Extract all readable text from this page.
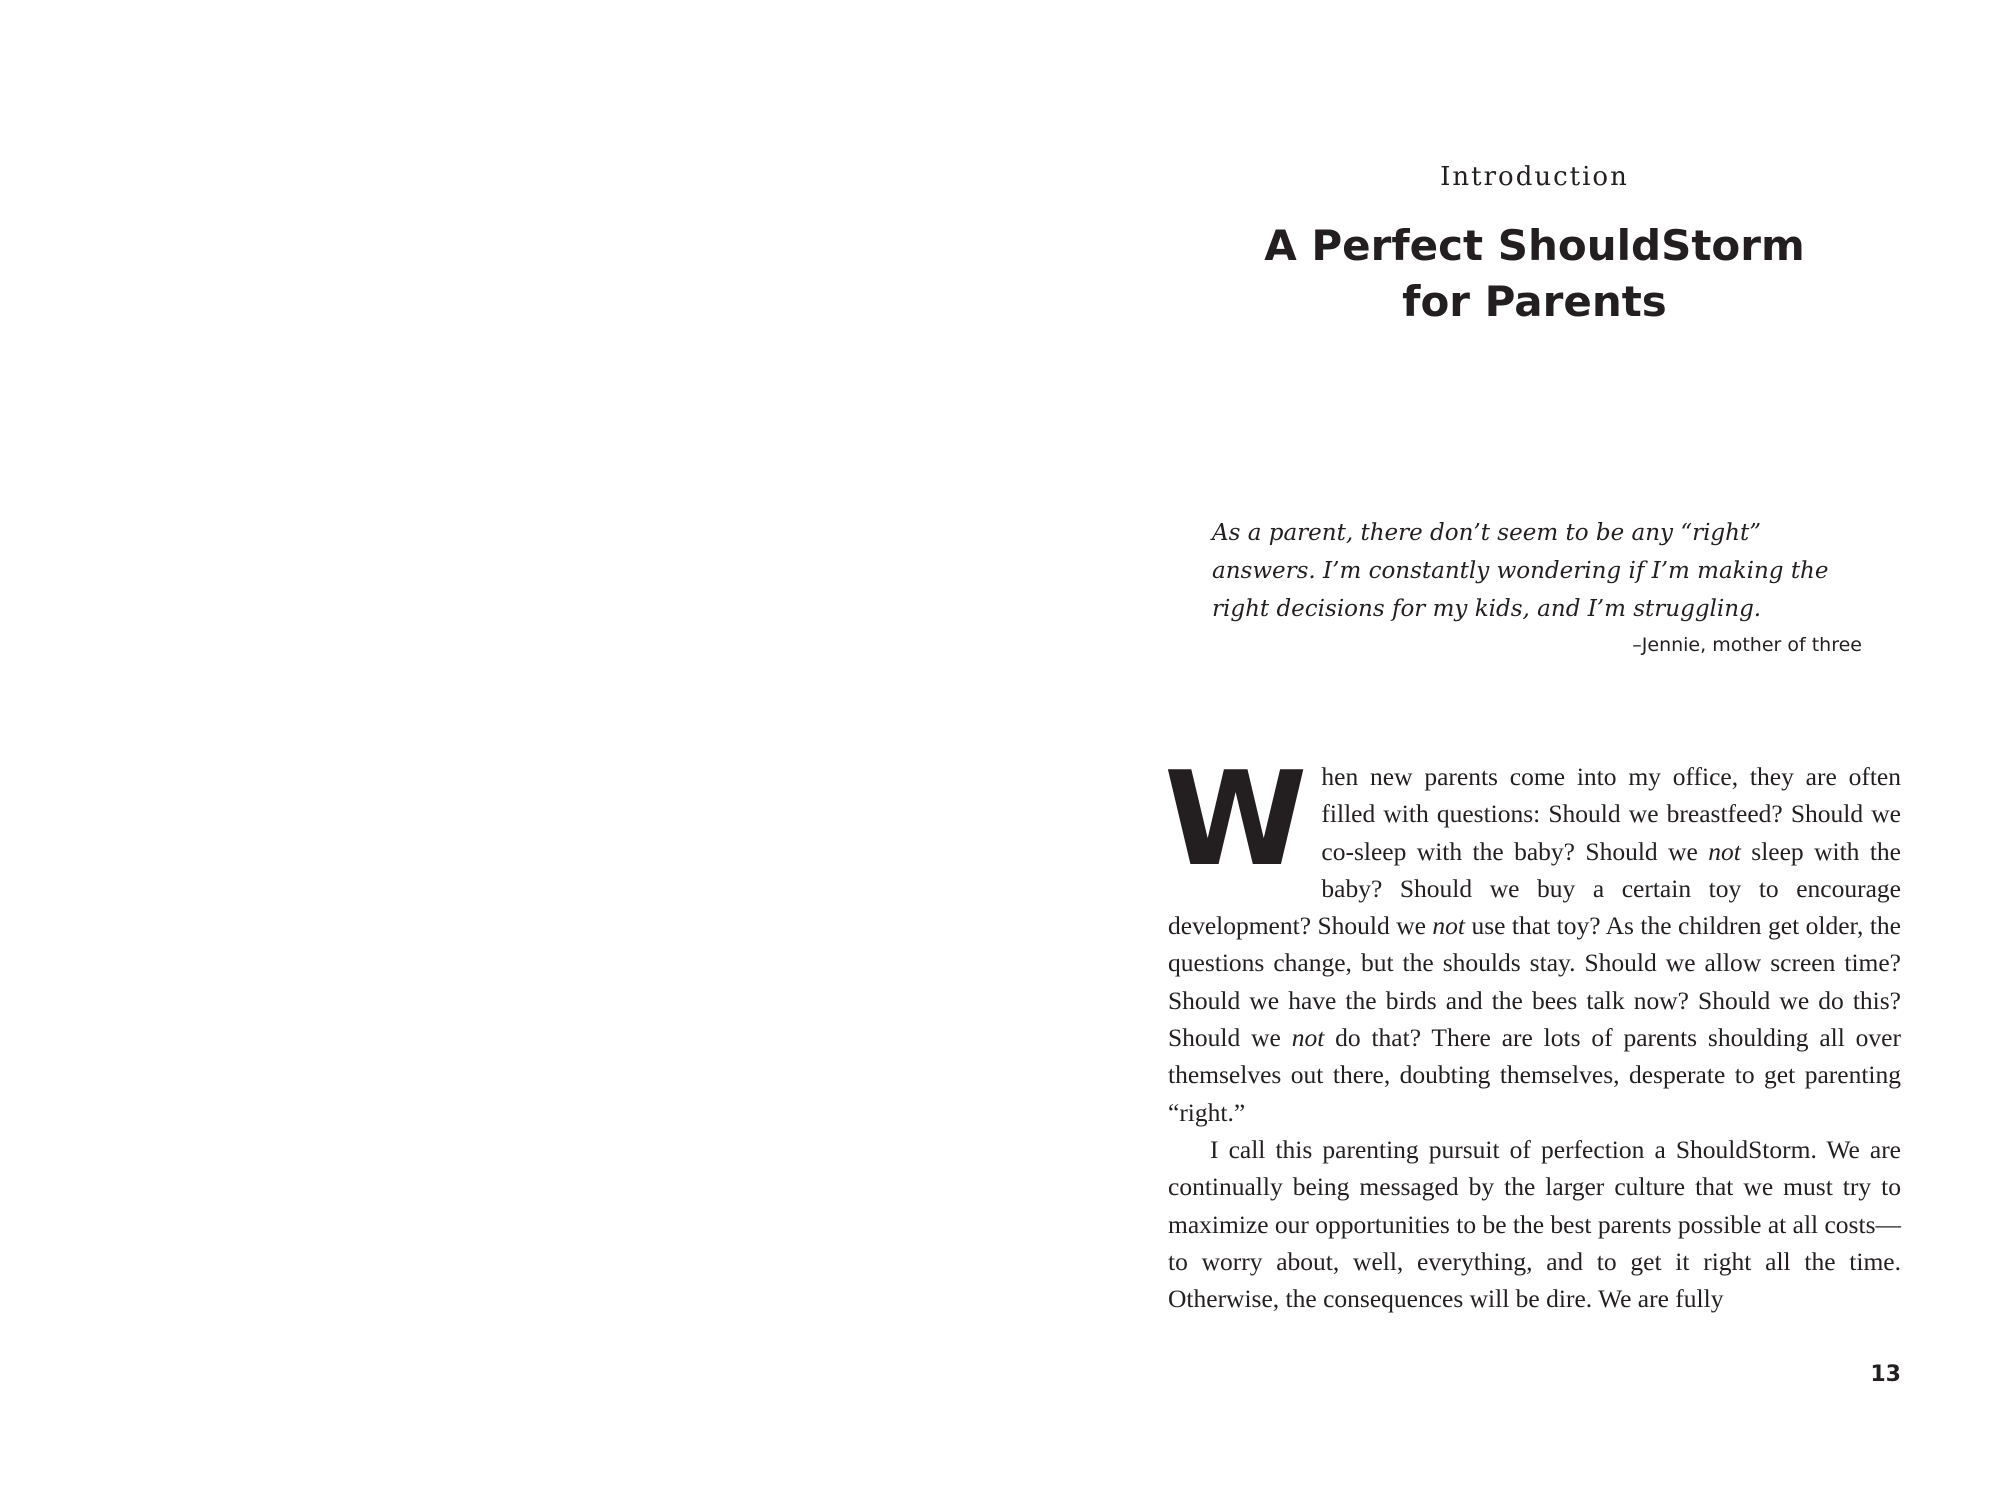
Introduction
A Perfect ShouldStorm
for Parents

As a parent, there don’t seem to be any “right” answers. I’m constantly wondering if I’m making the right decisions for my kids, and I’m struggling.

–Jennie, mother of three

When new parents come into my office, they are often filled with questions: Should we breastfeed? Should we co-sleep with the baby? Should we not sleep with the baby? Should we buy a certain toy to encourage development? Should we not use that toy? As the children get older, the questions change, but the shoulds stay. Should we allow screen time? Should we have the birds and the bees talk now? Should we do this? Should we not do that? There are lots of parents shoulding all over themselves out there, doubting themselves, desperate to get parenting “right.”

I call this parenting pursuit of perfection a ShouldStorm. We are continually being messaged by the larger culture that we must try to maximize our opportunities to be the best parents possible at all costs—to worry about, well, everything, and to get it right all the time. Otherwise, the consequences will be dire. We are fully

13
